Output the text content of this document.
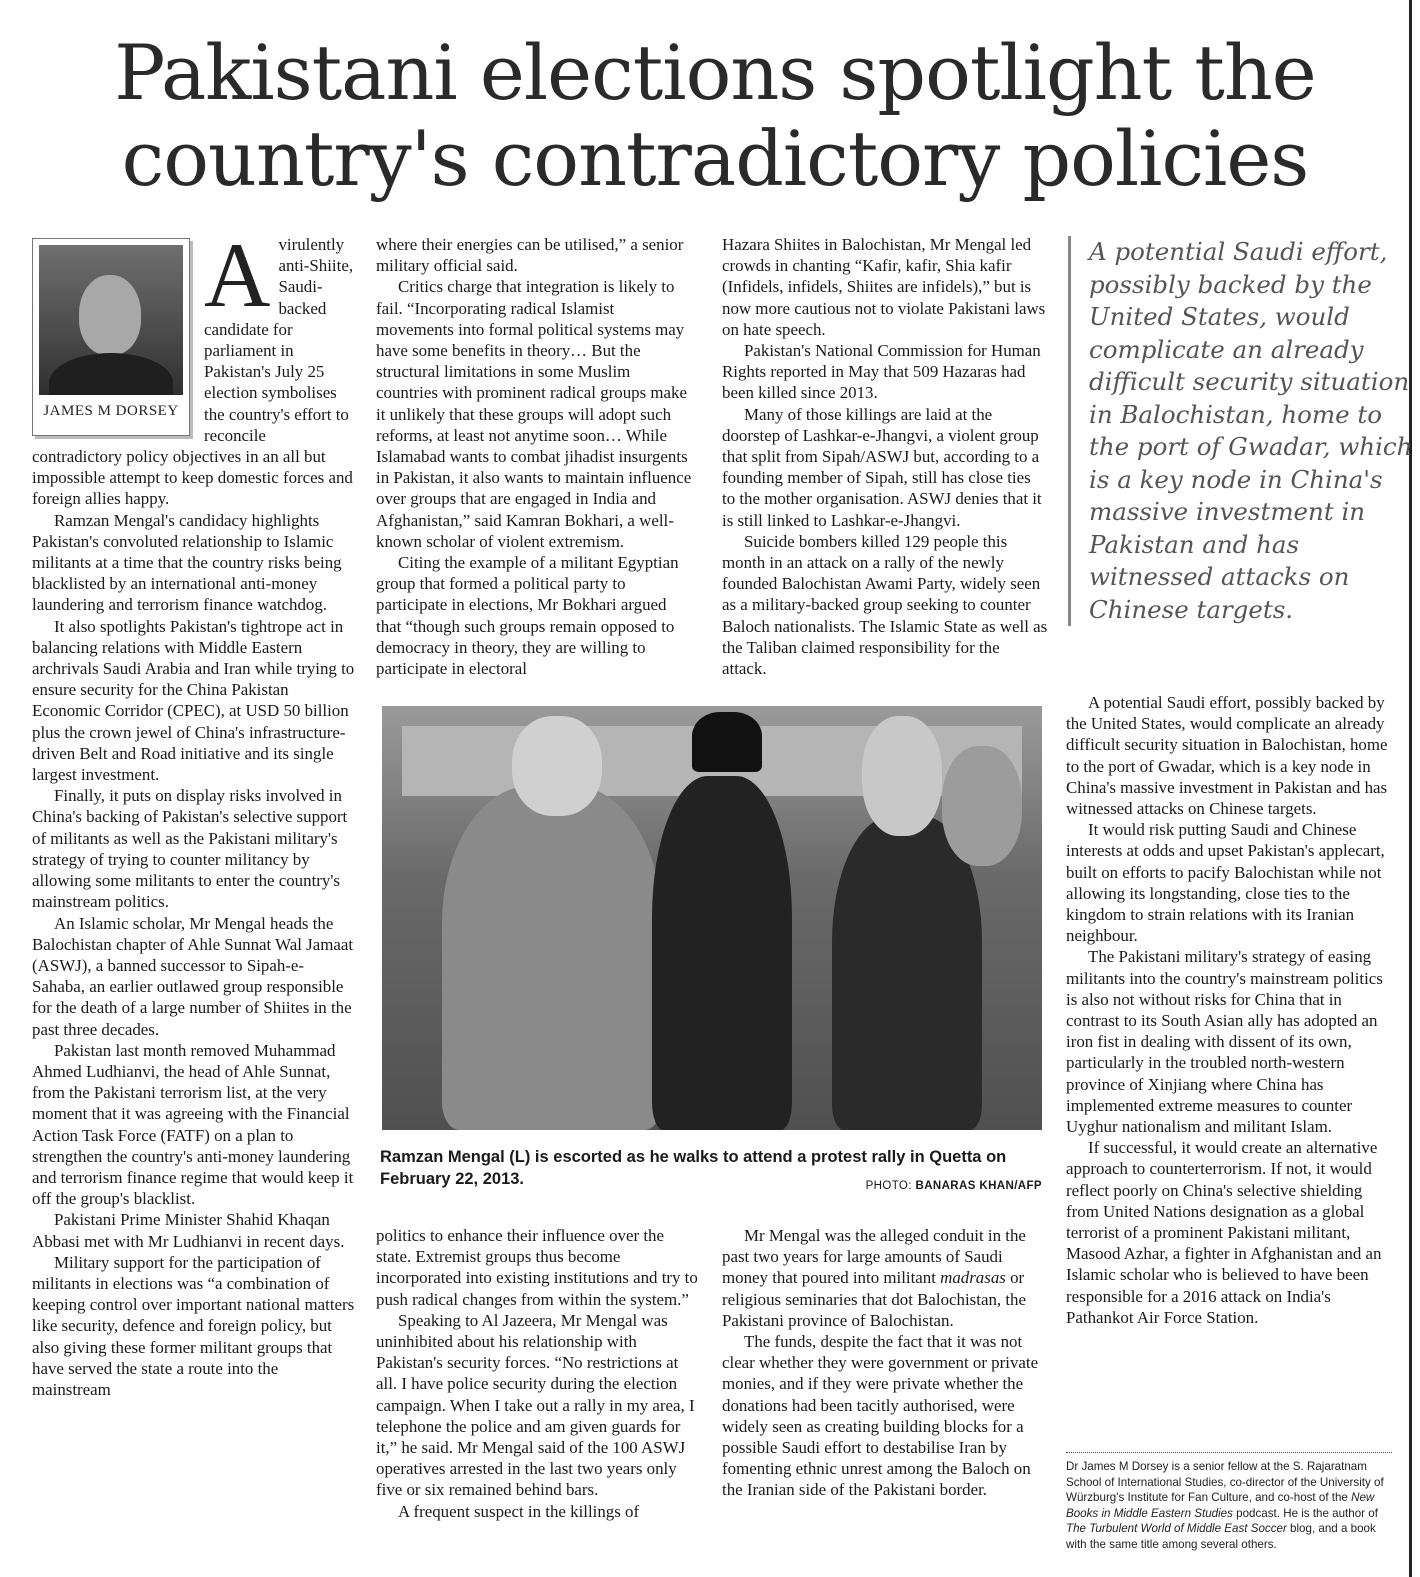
Pakistani elections spotlight the country's contradictory policies
JAMES M DORSEY

Avirulently anti-Shiite, Saudi-backed candidate for parliament in Pakistan's July 25 election symbolises the country's effort to reconcile contradictory policy objectives in an all but impossible attempt to keep domestic forces and foreign allies happy.

Ramzan Mengal's candidacy highlights Pakistan's convoluted relationship to Islamic militants at a time that the country risks being blacklisted by an international anti-money laundering and terrorism finance watchdog.

It also spotlights Pakistan's tightrope act in balancing relations with Middle Eastern archrivals Saudi Arabia and Iran while trying to ensure security for the China Pakistan Economic Corridor (CPEC), at USD 50 billion plus the crown jewel of China's infrastructure-driven Belt and Road initiative and its single largest investment.

Finally, it puts on display risks involved in China's backing of Pakistan's selective support of militants as well as the Pakistani military's strategy of trying to counter militancy by allowing some militants to enter the country's mainstream politics.

An Islamic scholar, Mr Mengal heads the Balochistan chapter of Ahle Sunnat Wal Jamaat (ASWJ), a banned successor to Sipah-e-Sahaba, an earlier outlawed group responsible for the death of a large number of Shiites in the past three decades.

Pakistan last month removed Muhammad Ahmed Ludhianvi, the head of Ahle Sunnat, from the Pakistani terrorism list, at the very moment that it was agreeing with the Financial Action Task Force (FATF) on a plan to strengthen the country's anti-money laundering and terrorism finance regime that would keep it off the group's blacklist.

Pakistani Prime Minister Shahid Khaqan Abbasi met with Mr Ludhianvi in recent days.

Military support for the participation of militants in elections was “a combination of keeping control over important national matters like security, defence and foreign policy, but also giving these former militant groups that have served the state a route into the mainstream

where their energies can be utilised,” a senior military official said.

Critics charge that integration is likely to fail. “Incorporating radical Islamist movements into formal political systems may have some benefits in theory… But the structural limitations in some Muslim countries with prominent radical groups make it unlikely that these groups will adopt such reforms, at least not anytime soon… While Islamabad wants to combat jihadist insurgents in Pakistan, it also wants to maintain influence over groups that are engaged in India and Afghanistan,” said Kamran Bokhari, a well-known scholar of violent extremism.

Citing the example of a militant Egyptian group that formed a political party to participate in elections, Mr Bokhari argued that “though such groups remain opposed to democracy in theory, they are willing to participate in electoral

Hazara Shiites in Balochistan, Mr Mengal led crowds in chanting “Kafir, kafir, Shia kafir (Infidels, infidels, Shiites are infidels),” but is now more cautious not to violate Pakistani laws on hate speech.

Pakistan's National Commission for Human Rights reported in May that 509 Hazaras had been killed since 2013.

Many of those killings are laid at the doorstep of Lashkar-e-Jhangvi, a violent group that split from Sipah/ASWJ but, according to a founding member of Sipah, still has close ties to the mother organisation. ASWJ denies that it is still linked to Lashkar-e-Jhangvi.

Suicide bombers killed 129 people this month in an attack on a rally of the newly founded Balochistan Awami Party, widely seen as a military-backed group seeking to counter Baloch nationalists. The Islamic State as well as the Taliban claimed responsibility for the attack.

A potential Saudi effort, possibly backed by the United States, would complicate an already difficult security situation in Balochistan, home to the port of Gwadar, which is a key node in China's massive investment in Pakistan and has witnessed attacks on Chinese targets.
Ramzan Mengal (L) is escorted as he walks to attend a protest rally in Quetta on February 22, 2013.	PHOTO: BANARAS KHAN/AFP

politics to enhance their influence over the state. Extremist groups thus become incorporated into existing institutions and try to push radical changes from within the system.”

Speaking to Al Jazeera, Mr Mengal was uninhibited about his relationship with Pakistan's security forces. “No restrictions at all. I have police security during the election campaign. When I take out a rally in my area, I telephone the police and am given guards for it,” he said. Mr Mengal said of the 100 ASWJ operatives arrested in the last two years only five or six remained behind bars.

A frequent suspect in the killings of

Mr Mengal was the alleged conduit in the past two years for large amounts of Saudi money that poured into militant madrasas or religious seminaries that dot Balochistan, the Pakistani province of Balochistan.

The funds, despite the fact that it was not clear whether they were government or private monies, and if they were private whether the donations had been tacitly authorised, were widely seen as creating building blocks for a possible Saudi effort to destabilise Iran by fomenting ethnic unrest among the Baloch on the Iranian side of the Pakistani border.

A potential Saudi effort, possibly backed by the United States, would complicate an already difficult security situation in Balochistan, home to the port of Gwadar, which is a key node in China's massive investment in Pakistan and has witnessed attacks on Chinese targets.

It would risk putting Saudi and Chinese interests at odds and upset Pakistan's applecart, built on efforts to pacify Balochistan while not allowing its longstanding, close ties to the kingdom to strain relations with its Iranian neighbour.

The Pakistani military's strategy of easing militants into the country's mainstream politics is also not without risks for China that in contrast to its South Asian ally has adopted an iron fist in dealing with dissent of its own, particularly in the troubled north-western province of Xinjiang where China has implemented extreme measures to counter Uyghur nationalism and militant Islam.

If successful, it would create an alternative approach to counterterrorism. If not, it would reflect poorly on China's selective shielding from United Nations designation as a global terrorist of a prominent Pakistani militant, Masood Azhar, a fighter in Afghanistan and an Islamic scholar who is believed to have been responsible for a 2016 attack on India's Pathankot Air Force Station.

Dr James M Dorsey is a senior fellow at the S. Rajaratnam School of International Studies, co-director of the University of Würzburg's Institute for Fan Culture, and co-host of the New Books in Middle Eastern Studies podcast. He is the author of The Turbulent World of Middle East Soccer blog, and a book with the same title among several others.
